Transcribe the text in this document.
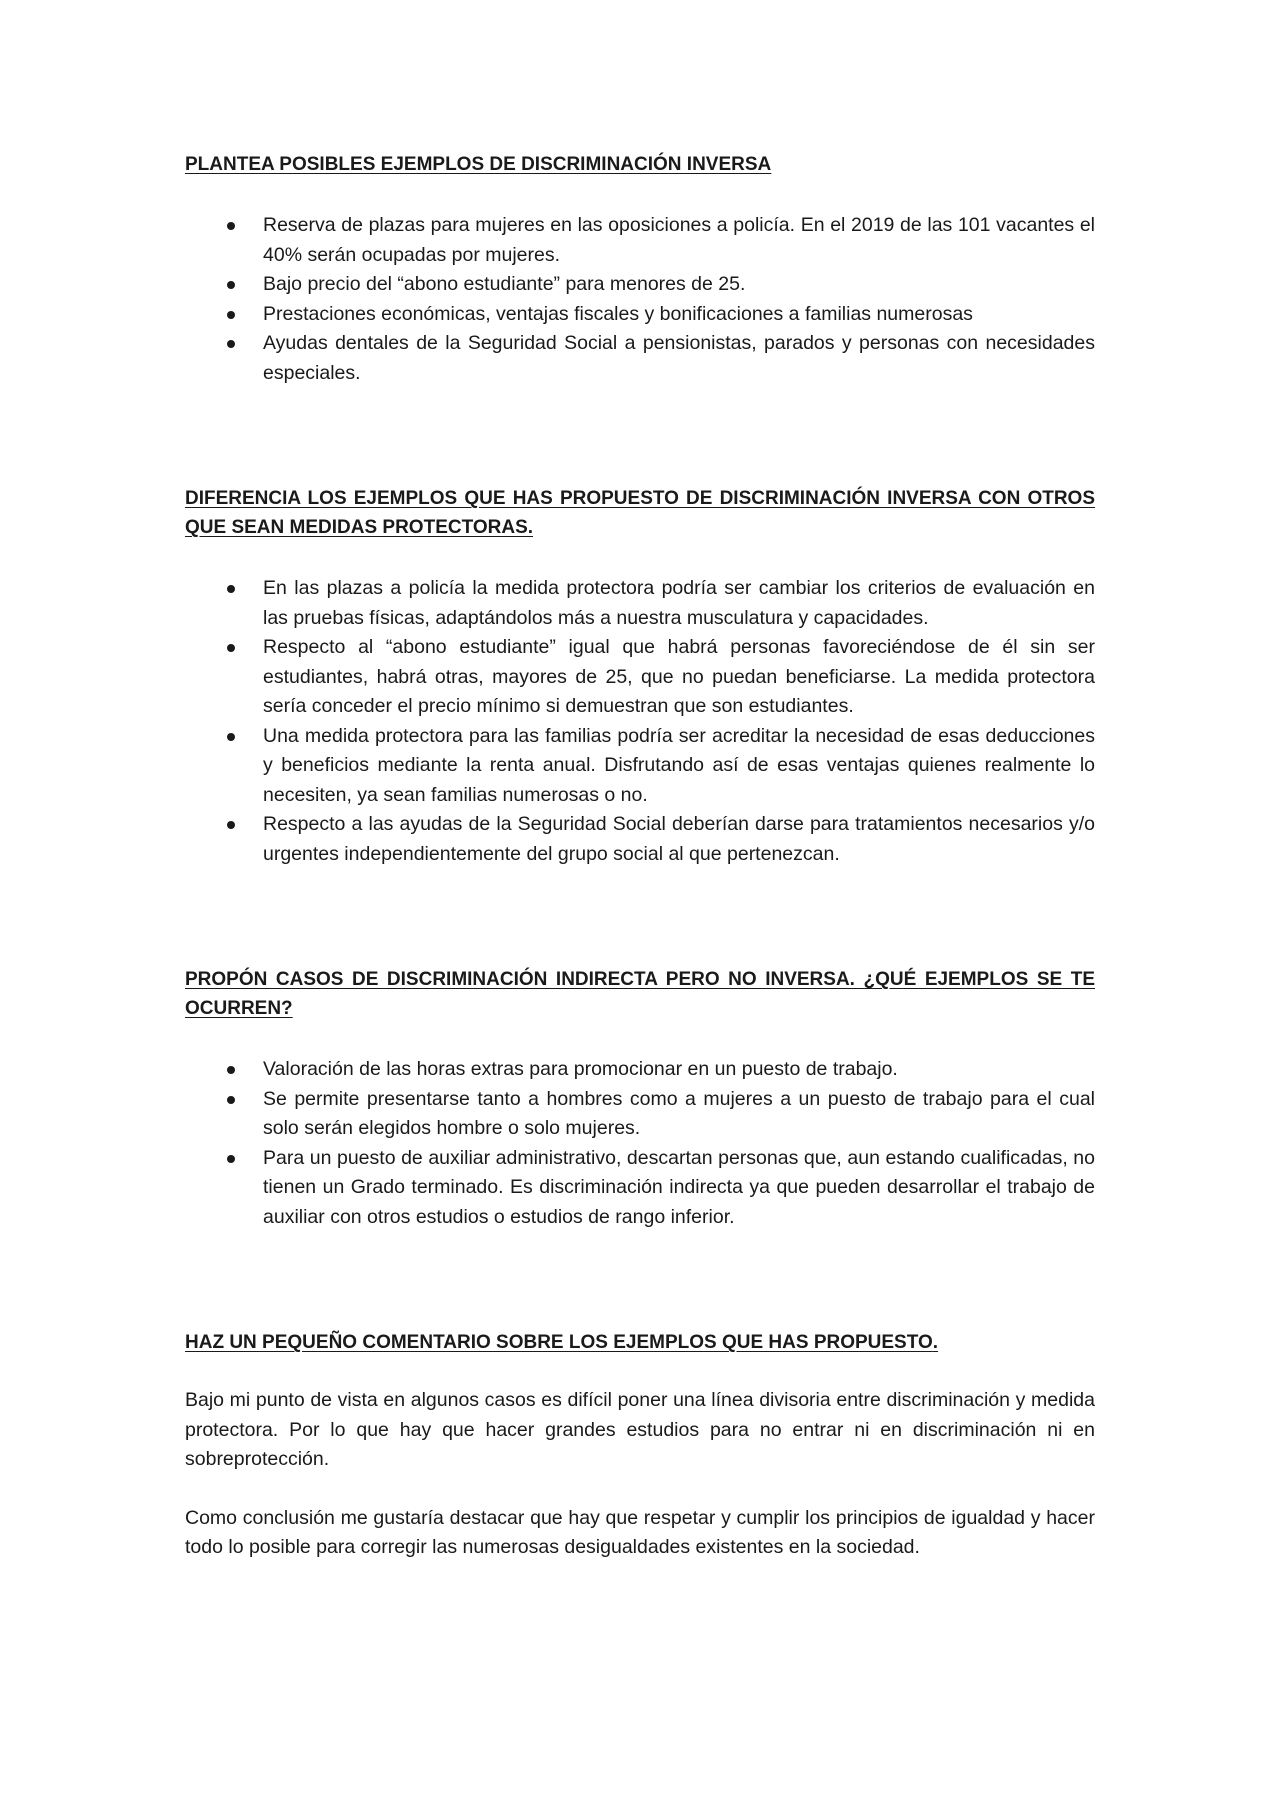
PLANTEA POSIBLES EJEMPLOS DE DISCRIMINACIÓN INVERSA
Reserva de plazas para mujeres en las oposiciones a policía. En el 2019 de las 101 vacantes el 40% serán ocupadas por mujeres.
Bajo precio del “abono estudiante” para menores de 25.
Prestaciones económicas, ventajas fiscales y bonificaciones a familias numerosas
Ayudas dentales de la Seguridad Social a pensionistas, parados y personas con necesidades especiales.
DIFERENCIA LOS EJEMPLOS QUE HAS PROPUESTO DE DISCRIMINACIÓN INVERSA CON OTROS QUE SEAN MEDIDAS PROTECTORAS.
En las plazas a policía la medida protectora podría ser cambiar los criterios de evaluación en las pruebas físicas, adaptándolos más a nuestra musculatura y capacidades.
Respecto al “abono estudiante” igual que habrá personas favoreciéndose de él sin ser estudiantes, habrá otras, mayores de 25, que no puedan beneficiarse. La medida protectora sería conceder el precio mínimo si demuestran que son estudiantes.
Una medida protectora para las familias podría ser acreditar la necesidad de esas deducciones y beneficios mediante la renta anual. Disfrutando así de esas ventajas quienes realmente lo necesiten, ya sean familias numerosas o no.
Respecto a las ayudas de la Seguridad Social deberían darse para tratamientos necesarios y/o urgentes independientemente del grupo social al que pertenezcan.
PROPÓN CASOS DE DISCRIMINACIÓN INDIRECTA PERO NO INVERSA. ¿QUÉ EJEMPLOS SE TE OCURREN?
Valoración de las horas extras para promocionar en un puesto de trabajo.
Se permite presentarse tanto a hombres como a mujeres a un puesto de trabajo para el cual solo serán elegidos hombre o solo mujeres.
Para un puesto de auxiliar administrativo, descartan personas que, aun estando cualificadas, no tienen un Grado terminado. Es discriminación indirecta ya que pueden desarrollar el trabajo de auxiliar con otros estudios o estudios de rango inferior.
HAZ UN PEQUEÑO COMENTARIO SOBRE LOS EJEMPLOS QUE HAS PROPUESTO.

Bajo mi punto de vista en algunos casos es difícil poner una línea divisoria entre discriminación y medida protectora. Por lo que hay que hacer grandes estudios para no entrar ni en discriminación ni en sobreprotección.

Como conclusión me gustaría destacar que hay que respetar y cumplir los principios de igualdad y hacer todo lo posible para corregir las numerosas desigualdades existentes en la sociedad.
